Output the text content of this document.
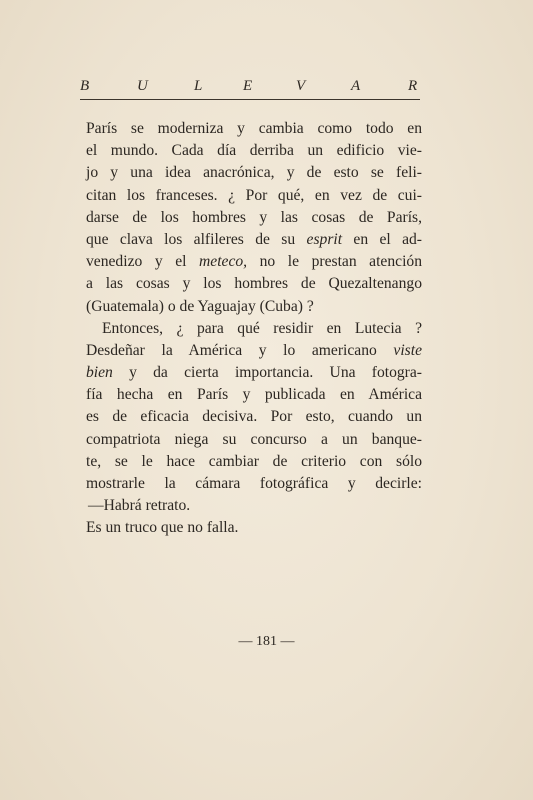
B	U	L	E	V	A	R
París se moderniza y cambia como todo en
el mundo. Cada día derriba un edificio vie-
jo y una idea anacrónica, y de esto se feli-
citan los franceses. ¿ Por qué, en vez de cui-
darse de los hombres y las cosas de París,
que clava los alfileres de su esprit en el ad-
venedizo y el meteco, no le prestan atención
a las cosas y los hombres de Quezaltenango
(Guatemala) o de Yaguajay (Cuba) ?
Entonces, ¿ para qué residir en Lutecia ?
Desdeñar la América y lo americano viste
bien y da cierta importancia. Una fotogra-
fía hecha en París y publicada en América
es de eficacia decisiva. Por esto, cuando un
compatriota niega su concurso a un banque-
te, se le hace cambiar de criterio con sólo
mostrarle la cámara fotográfica y decirle:
—Habrá retrato.
Es un truco que no falla.
— 181 —
